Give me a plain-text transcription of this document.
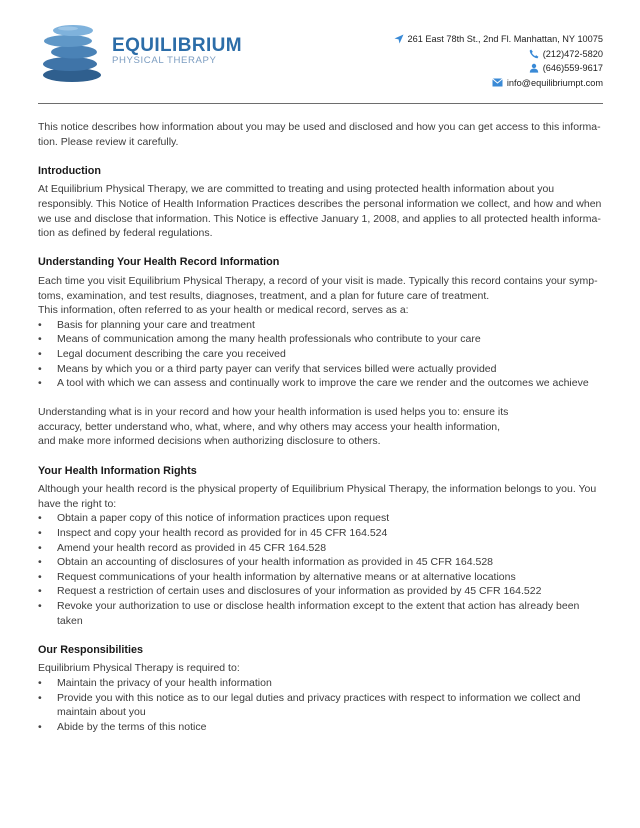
EQUILIBRIUM
PHYSICAL THERAPY
261 East 78th St., 2nd Fl. Manhattan, NY 10075
(212)472-5820
(646)559-9617
info@equilibriumpt.com

This notice describes how information about you may be used and disclosed and how you can get access to this informa-tion. Please review it carefully.

Introduction

At Equilibrium Physical Therapy, we are committed to treating and using protected health information about you responsibly. This Notice of Health Information Practices describes the personal information we collect, and how and when we use and disclose that information. This Notice is effective January 1, 2008, and applies to all protected health informa-tion as defined by federal regulations.

Understanding Your Health Record Information

Each time you visit Equilibrium Physical Therapy, a record of your visit is made. Typically this record contains your symp-toms, examination, and test results, diagnoses, treatment, and a plan for future care of treatment.

This information, often referred to as your health or medical record, serves as a:

• Basis for planning your care and treatment
• Means of communication among the many health professionals who contribute to your care
• Legal document describing the care you received
• Means by which you or a third party payer can verify that services billed were actually provided
• A tool with which we can assess and continually work to improve the care we render and the outcomes we achieve

Understanding what is in your record and how your health information is used helps you to: ensure its
accuracy, better understand who, what, where, and why others may access your health information,
and make more informed decisions when authorizing disclosure to others.

Your Health Information Rights

Although your health record is the physical property of Equilibrium Physical Therapy, the information belongs to you. You have the right to:

• Obtain a paper copy of this notice of information practices upon request
• Inspect and copy your health record as provided for in 45 CFR 164.524
• Amend your health record as provided in 45 CFR 164.528
• Obtain an accounting of disclosures of your health information as provided in 45 CFR 164.528
• Request communications of your health information by alternative means or at alternative locations
• Request a restriction of certain uses and disclosures of your information as provided by 45 CFR 164.522
• Revoke your authorization to use or disclose health information except to the extent that action has already been taken
Our Responsibilities

Equilibrium Physical Therapy is required to:

• Maintain the privacy of your health information
• Provide you with this notice as to our legal duties and privacy practices with respect to information we collect and maintain about you
• Abide by the terms of this notice
